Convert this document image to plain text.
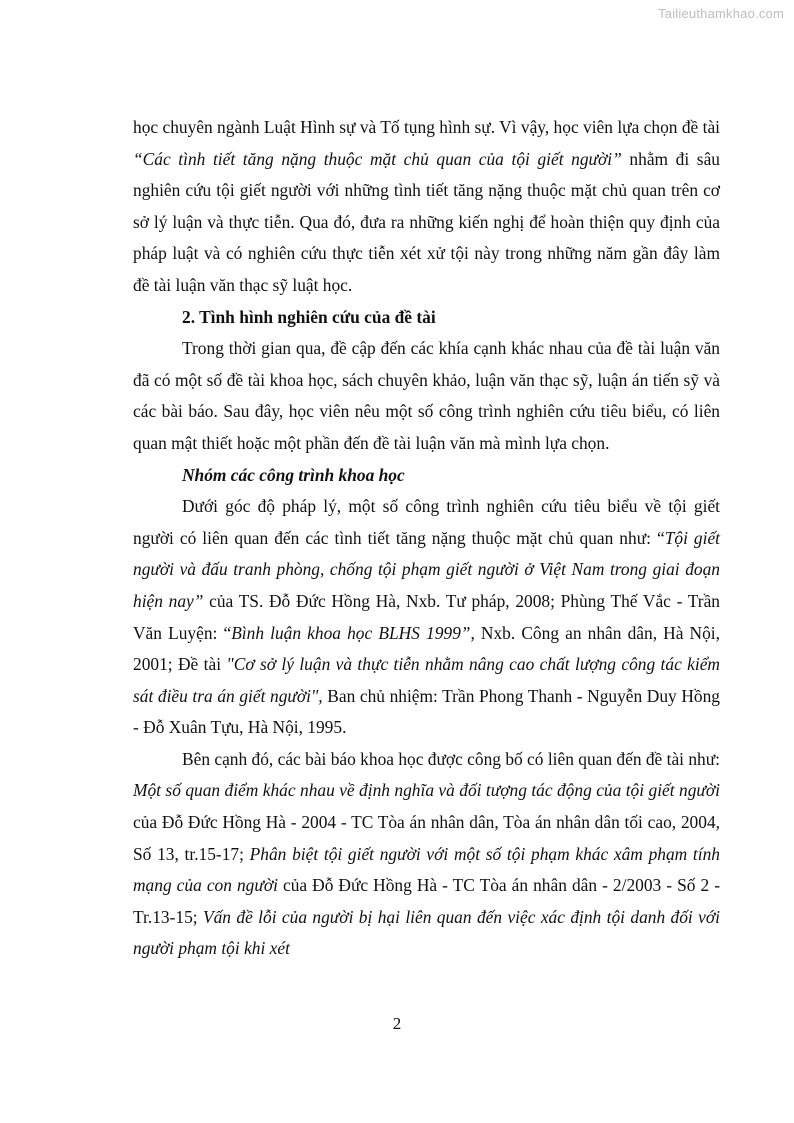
Tailieuthamkhao.com

học chuyên ngành Luật Hình sự và Tố tụng hình sự. Vì vậy, học viên lựa chọn đề tài “Các tình tiết tăng nặng thuộc mặt chủ quan của tội giết người” nhằm đi sâu nghiên cứu tội giết người với những tình tiết tăng nặng thuộc mặt chủ quan trên cơ sở lý luận và thực tiễn. Qua đó, đưa ra những kiến nghị để hoàn thiện quy định của pháp luật và có nghiên cứu thực tiễn xét xử tội này trong những năm gần đây làm đề tài luận văn thạc sỹ luật học.

2. Tình hình nghiên cứu của đề tài

Trong thời gian qua, đề cập đến các khía cạnh khác nhau của đề tài luận văn đã có một số đề tài khoa học, sách chuyên khảo, luận văn thạc sỹ, luận án tiến sỹ và các bài báo. Sau đây, học viên nêu một số công trình nghiên cứu tiêu biểu, có liên quan mật thiết hoặc một phần đến đề tài luận văn mà mình lựa chọn.

Nhóm các công trình khoa học

Dưới góc độ pháp lý, một số công trình nghiên cứu tiêu biểu về tội giết người có liên quan đến các tình tiết tăng nặng thuộc mặt chủ quan như: “Tội giết người và đấu tranh phòng, chống tội phạm giết người ở Việt Nam trong giai đoạn hiện nay” của TS. Đỗ Đức Hồng Hà, Nxb. Tư pháp, 2008; Phùng Thế Vắc - Trần Văn Luyện: “Bình luận khoa học BLHS 1999”, Nxb. Công an nhân dân, Hà Nội, 2001; Đề tài "Cơ sở lý luận và thực tiễn nhằm nâng cao chất lượng công tác kiểm sát điều tra án giết người", Ban chủ nhiệm: Trần Phong Thanh - Nguyễn Duy Hồng - Đỗ Xuân Tựu, Hà Nội, 1995.

Bên cạnh đó, các bài báo khoa học được công bố có liên quan đến đề tài như: Một số quan điểm khác nhau về định nghĩa và đối tượng tác động của tội giết người của Đỗ Đức Hồng Hà - 2004 - TC Tòa án nhân dân, Tòa án nhân dân tối cao, 2004, Số 13, tr.15-17; Phân biệt tội giết người với một số tội phạm khác xâm phạm tính mạng của con người của Đỗ Đức Hồng Hà - TC Tòa án nhân dân - 2/2003 - Số 2 - Tr.13-15; Vấn đề lỗi của người bị hại liên quan đến việc xác định tội danh đối với người phạm tội khi xét

2
